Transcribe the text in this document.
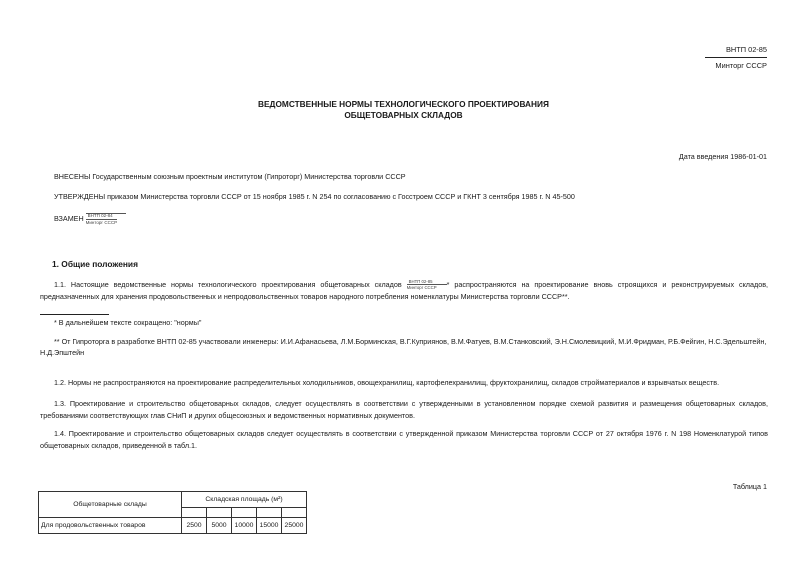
ВНТП 02-85
Минторг СССР
ВЕДОМСТВЕННЫЕ НОРМЫ ТЕХНОЛОГИЧЕСКОГО ПРОЕКТИРОВАНИЯ
ОБЩЕТОВАРНЫХ СКЛАДОВ
Дата введения 1986-01-01
ВНЕСЕНЫ Государственным союзным проектным институтом (Гипроторг) Министерства торговли СССР
УТВЕРЖДЕНЫ приказом Министерства торговли СССР от 15 ноября 1985 г. N 254 по согласованию с Госстроем СССР и ГКНТ 3 сентября 1985 г. N 45-500
ВЗАМЕН ВНТП 02-84
Минторг СССР
1. Общие положения
1.1. Настоящие ведомственные нормы технологического проектирования общетоварных складов ВНТП 02-85
Минторг СССР	* распространяются на проектирование вновь строящихся и реконструируемых складов, предназначенных для хранения продовольственных и непродовольственных товаров народного потребления номенклатуры Министерства торговли СССР**.
* В дальнейшем тексте сокращено: "нормы"
** От Гипроторга в разработке ВНТП 02-85 участвовали инженеры: И.И.Афанасьева, Л.М.Борминская, В.Г.Куприянов, В.М.Фатуев, В.М.Станковский, Э.Н.Смолевицкий, М.И.Фридман, Р.Б.Фейгин, Н.С.Эдельштейн, Н.Д.Эпштейн
1.2. Нормы не распространяются на проектирование распределительных холодильников, овощехранилищ, картофелехранилищ, фруктохранилищ, складов стройматериалов и взрывчатых веществ.
1.3. Проектирование и строительство общетоварных складов, следует осуществлять в соответствии с утвержденными в установленном порядке схемой развития и размещения общетоварных складов, требованиями соответствующих глав СНиП и других общесоюзных и ведомственных нормативных документов.
1.4. Проектирование и строительство общетоварных складов следует осуществлять в соответствии с утвержденной приказом Министерства торговли СССР от 27 октября 1976 г. N 198 Номенклатурой типов общетоварных складов, приведенной в табл.1.
Таблица 1
Общетоварные склады	Складская площадь (м²)				

Для продовольственных товаров	2500	5000	10000	15000	25000
